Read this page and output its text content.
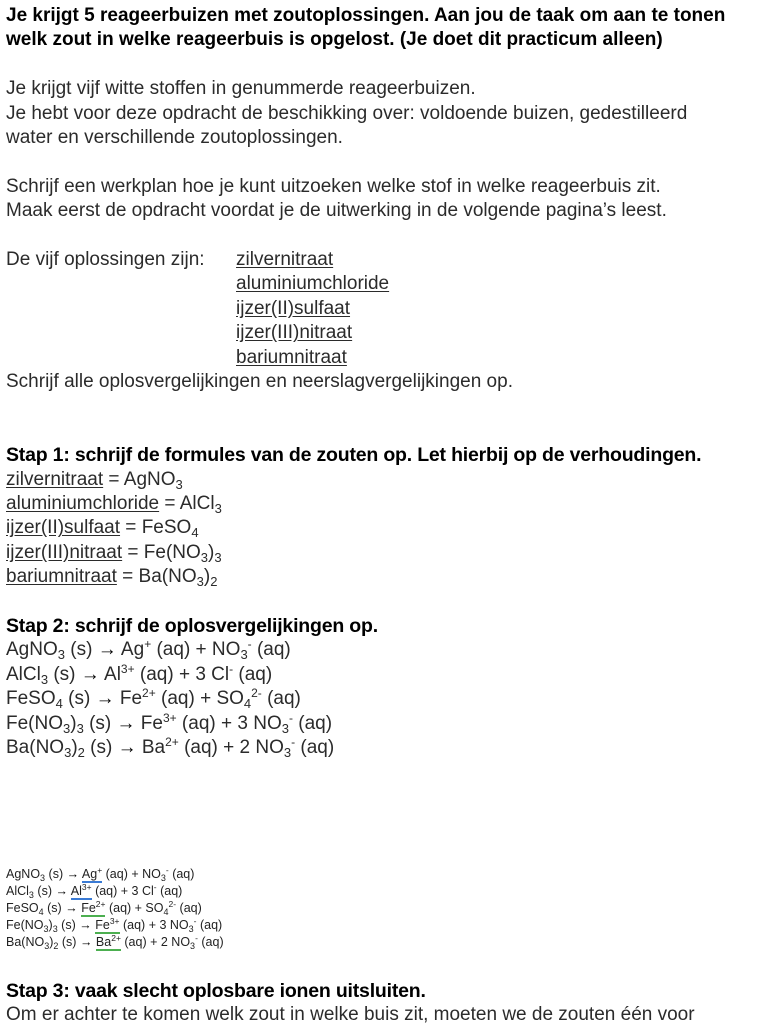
Je krijgt 5 reageerbuizen met zoutoplossingen. Aan jou de taak om aan te tonen
welk zout in welke reageerbuis is opgelost. (Je doet dit practicum alleen)
Je krijgt vijf witte stoffen in genummerde reageerbuizen.
Je hebt voor deze opdracht de beschikking over: voldoende buizen, gedestilleerd
water en verschillende zoutoplossingen.
Schrijf een werkplan hoe je kunt uitzoeken welke stof in welke reageerbuis zit.
Maak eerst de opdracht voordat je de uitwerking in de volgende pagina’s leest.
De vijf oplossingen zijn:	zilvernitraat
aluminiumchloride
ijzer(II)sulfaat
ijzer(III)nitraat
bariumnitraat
Schrijf alle oplosvergelijkingen en neerslagvergelijkingen op.
Stap 1: schrijf de formules van de zouten op. Let hierbij op de verhoudingen.
zilvernitraat = AgNO$_3$
aluminiumchloride = AlCl$_3$
ijzer(II)sulfaat = FeSO$_4$
ijzer(III)nitraat = $Fe(NO_3)_3$
bariumnitraat = $Ba(NO_3)_2$
Stap 2: schrijf de oplosvergelijkingen op.
AgNO$_3$ (s) → Ag+ $(aq) + NO_3^-$ (aq)
AlCl$_3$ $(s) \to Al^{3+}$ (aq) + 3 Cl- (aq)
FeSO$_4$ $(s) \to Fe^{2+}$ $(aq) + SO_4^{2-}$ (aq)
$Fe(NO_3)_3$ $(s) \to Fe^{3+}$ (aq) + 3 $NO_3^-$ (aq)
$Ba(NO_3)_2$ $(s) \to Ba^{2+}$ (aq) + 2 $NO_3^-$ (aq)
AgNO$_3$ (s) → Ag+ $(aq) + NO_3^-$ (aq)
AlCl$_3$ $(s) \to Al^{3+}$ (aq) + 3 Cl- (aq)
FeSO$_4$ $(s) \to Fe^{2+}$ $(aq) + SO_4^{2-}$ (aq)
$Fe(NO_3)_3$ $(s) \to Fe^{3+}$ (aq) + 3 $NO_3^-$ (aq)
$Ba(NO_3)_2$ $(s) \to Ba^{2+}$ (aq) + 2 $NO_3^-$ (aq)
Stap 3: vaak slecht oplosbare ionen uitsluiten.
Om er achter te komen welk zout in welke buis zit, moeten we de zouten één voor
